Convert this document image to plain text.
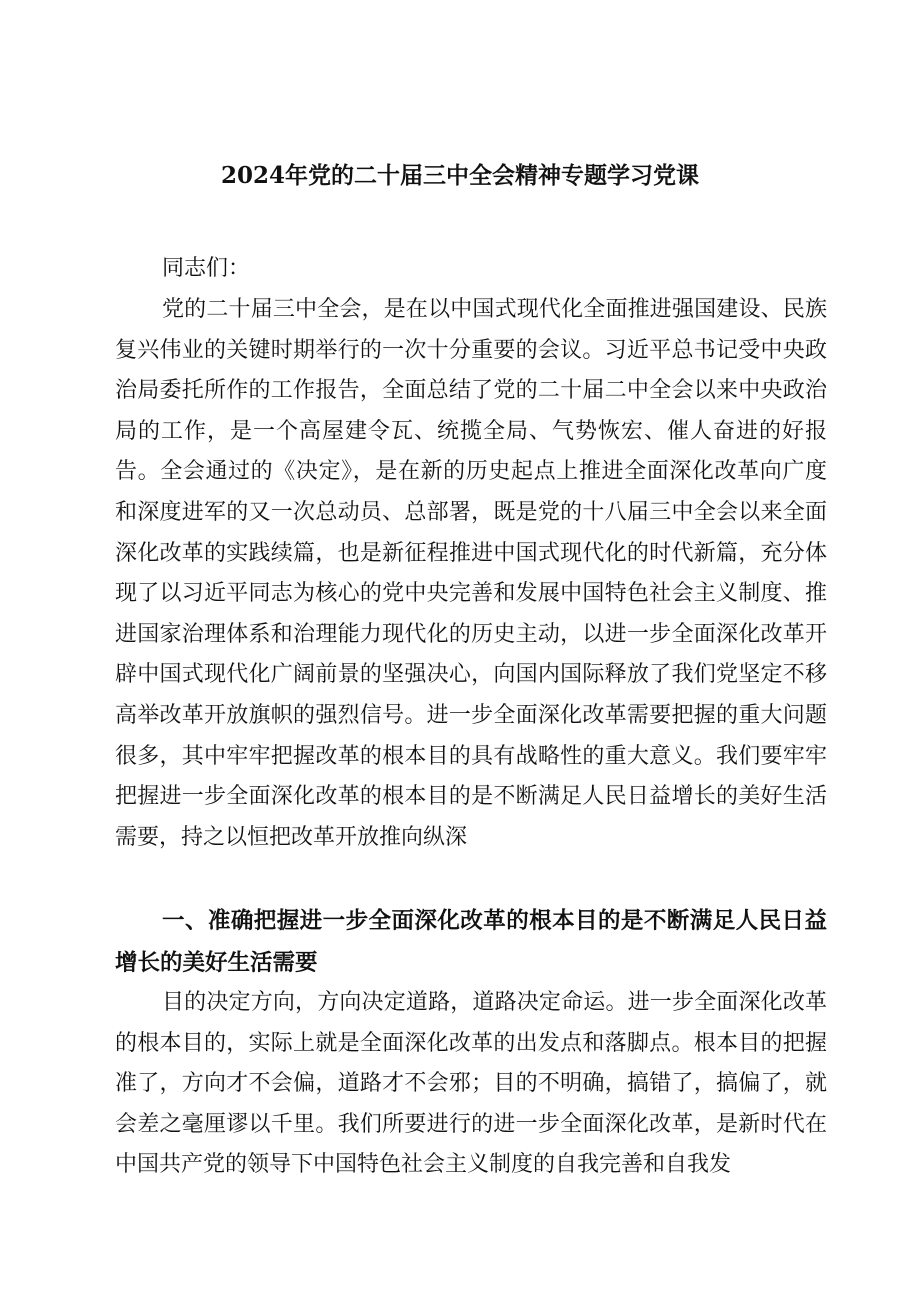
2024年党的二十届三中全会精神专题学习党课

同志们：

党的二十届三中全会，是在以中国式现代化全面推进强国建设、民族复兴伟业的关键时期举行的一次十分重要的会议。习近平总书记受中央政治局委托所作的工作报告，全面总结了党的二十届二中全会以来中央政治局的工作，是一个高屋建令瓦、统揽全局、气势恢宏、催人奋进的好报告。全会通过的《决定》，是在新的历史起点上推进全面深化改革向广度和深度进军的又一次总动员、总部署，既是党的十八届三中全会以来全面深化改革的实践续篇，也是新征程推进中国式现代化的时代新篇，充分体现了以习近平同志为核心的党中央完善和发展中国特色社会主义制度、推进国家治理体系和治理能力现代化的历史主动，以进一步全面深化改革开辟中国式现代化广阔前景的坚强决心，向国内国际释放了我们党坚定不移高举改革开放旗帜的强烈信号。进一步全面深化改革需要把握的重大问题很多，其中牢牢把握改革的根本目的具有战略性的重大意义。我们要牢牢把握进一步全面深化改革的根本目的是不断满足人民日益增长的美好生活需要，持之以恒把改革开放推向纵深

一、准确把握进一步全面深化改革的根本目的是不断满足人民日益增长的美好生活需要

目的决定方向，方向决定道路，道路决定命运。进一步全面深化改革的根本目的，实际上就是全面深化改革的出发点和落脚点。根本目的把握准了，方向才不会偏，道路才不会邪；目的不明确，搞错了，搞偏了，就会差之毫厘谬以千里。我们所要进行的进一步全面深化改革，是新时代在中国共产党的领导下中国特色社会主义制度的自我完善和自我发
